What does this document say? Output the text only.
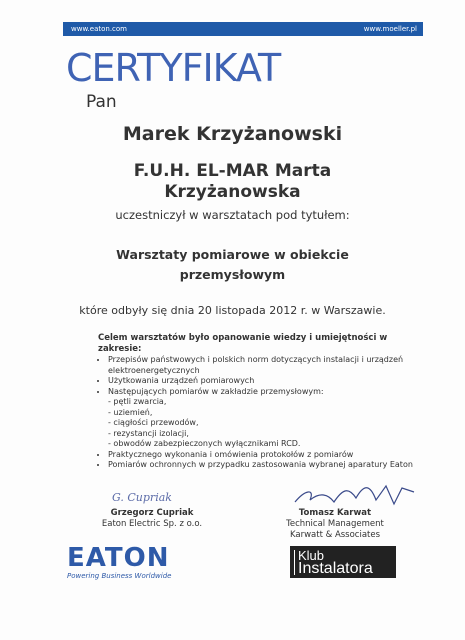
www.eaton.com	www.moeller.pl
CERTYFIKAT
Pan
Marek Krzyżanowski
F.U.H. EL-MAR Marta
Krzyżanowska
uczestniczył w warsztatach pod tytułem:
Warsztaty pomiarowe w obiekcie
przemysłowym
które odbyły się dnia 20 listopada 2012 r. w Warszawie.
Celem warsztatów było opanowanie wiedzy i umiejętności w zakresie:
• Przepisów państwowych i polskich norm dotyczących instalacji i urządzeń elektroenergetycznych
• Użytkowania urządzeń pomiarowych
• Następujących pomiarów w zakładzie przemysłowym:
- pętli zwarcia,
- uziemień,
- ciągłości przewodów,
- rezystancji izolacji,
- obwodów zabezpieczonych wyłącznikami RCD.
• Praktycznego wykonania i omówienia protokołów z pomiarów
• Pomiarów ochronnych w przypadku zastosowania wybranej aparatury Eaton
G. Cupriak
Grzegorz Cupriak
Eaton Electric Sp. z o.o.
Tomasz Karwat
Technical Management
Karwatt & Associates
EATON
Powering Business Worldwide
Klub
Instalatora
